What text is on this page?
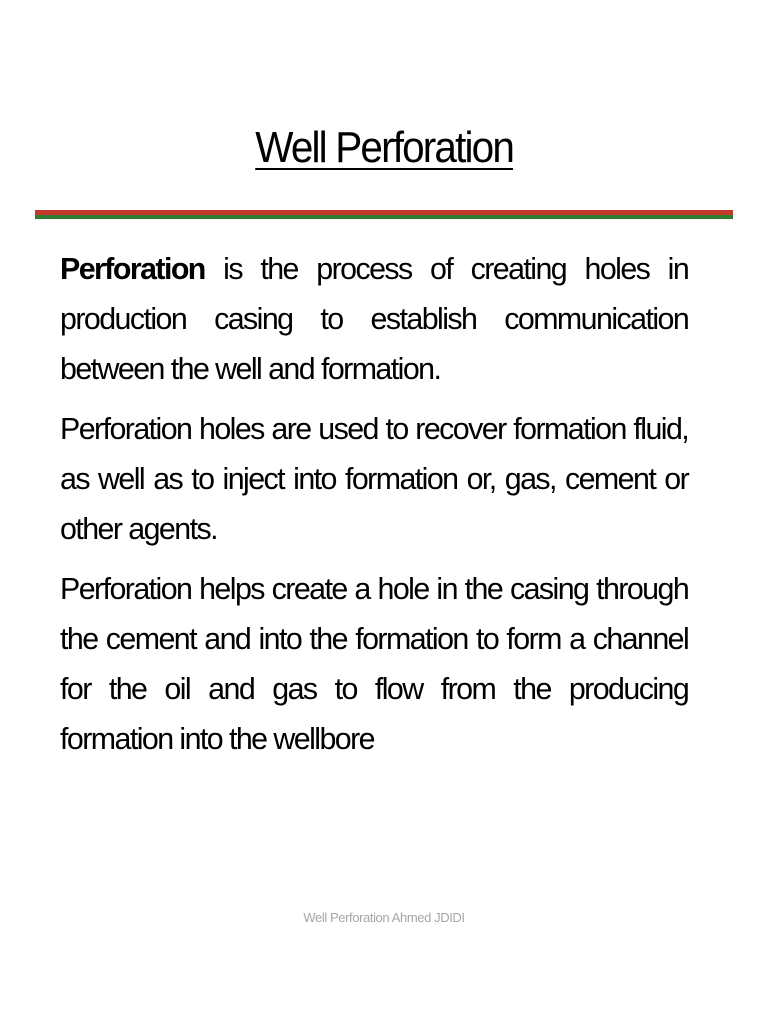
Well Perforation

Perforation is the process of creating holes in production casing to establish communication between the well and formation.

Perforation holes are used to recover formation fluid, as well as to inject into formation or, gas, cement or other agents.

Perforation helps create a hole in the casing through the cement and into the formation to form a channel for the oil and gas to flow from the producing formation into the wellbore

Well Perforation Ahmed JDIDI
